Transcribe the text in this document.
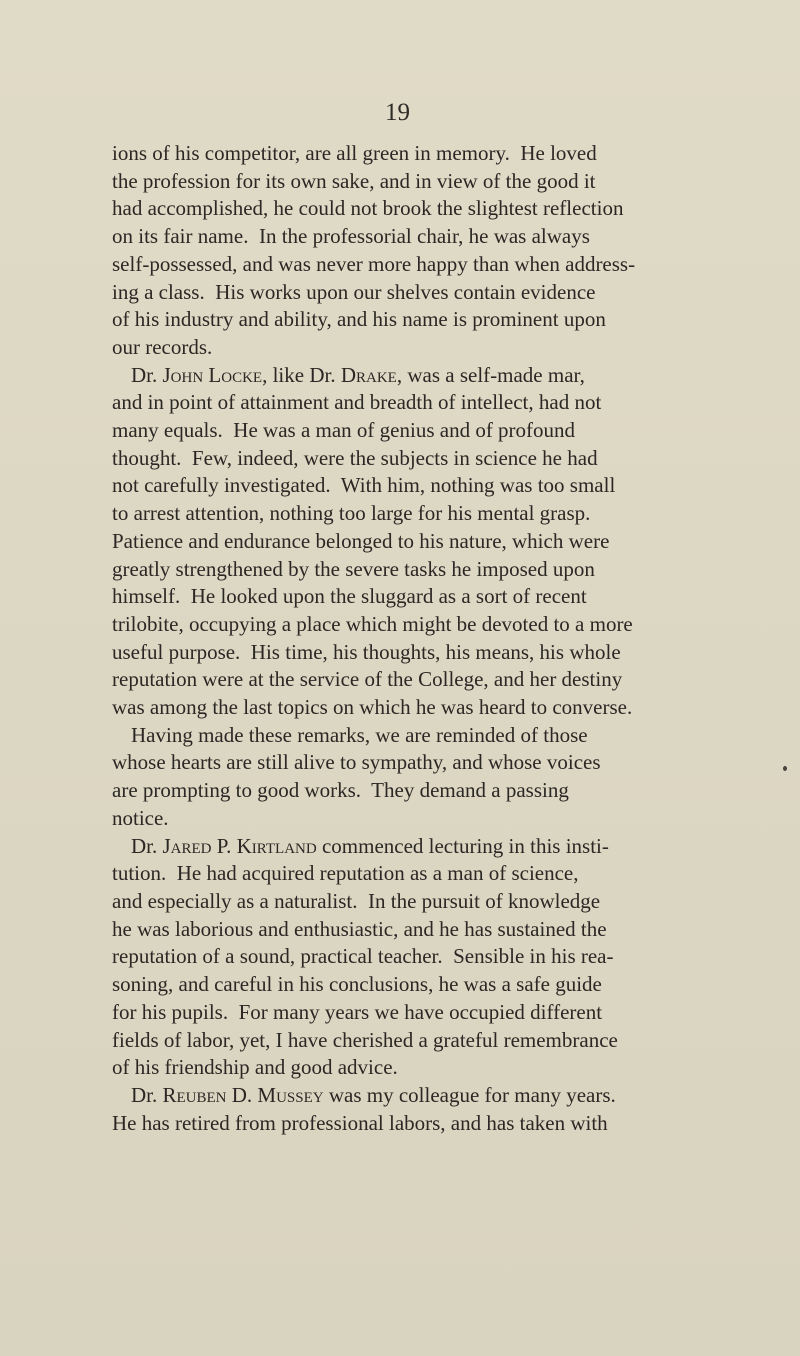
19
ions of his competitor, are all green in memory.  He loved
the profession for its own sake, and in view of the good it
had accomplished, he could not brook the slightest reflection
on its fair name.  In the professorial chair, he was always
self-possessed, and was never more happy than when address-
ing a class.  His works upon our shelves contain evidence
of his industry and ability, and his name is prominent upon
our records.
Dr. John Locke, like Dr. Drake, was a self-made mar,
and in point of attainment and breadth of intellect, had not
many equals.  He was a man of genius and of profound
thought.  Few, indeed, were the subjects in science he had
not carefully investigated.  With him, nothing was too small
to arrest attention, nothing too large for his mental grasp.
Patience and endurance belonged to his nature, which were
greatly strengthened by the severe tasks he imposed upon
himself.  He looked upon the sluggard as a sort of recent
trilobite, occupying a place which might be devoted to a more
useful purpose.  His time, his thoughts, his means, his whole
reputation were at the service of the College, and her destiny
was among the last topics on which he was heard to converse.
Having made these remarks, we are reminded of those
whose hearts are still alive to sympathy, and whose voices
are prompting to good works.  They demand a passing
notice.
Dr. Jared P. Kirtland commenced lecturing in this insti-
tution.  He had acquired reputation as a man of science,
and especially as a naturalist.  In the pursuit of knowledge
he was laborious and enthusiastic, and he has sustained the
reputation of a sound, practical teacher.  Sensible in his rea-
soning, and careful in his conclusions, he was a safe guide
for his pupils.  For many years we have occupied different
fields of labor, yet, I have cherished a grateful remembrance
of his friendship and good advice.
Dr. Reuben D. Mussey was my colleague for many years.
He has retired from professional labors, and has taken with
